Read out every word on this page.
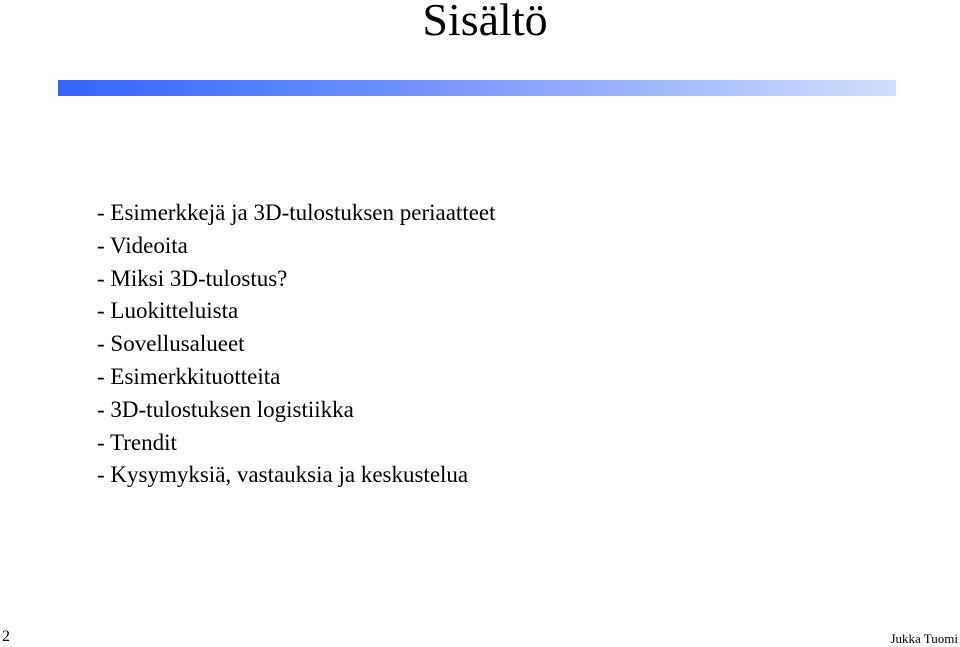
Sisältö
- Esimerkkejä ja 3D-tulostuksen periaatteet
- Videoita
- Miksi 3D-tulostus?
- Luokitteluista
- Sovellusalueet
- Esimerkkituotteita
- 3D-tulostuksen logistiikka
- Trendit
- Kysymyksiä, vastauksia ja keskustelua
2	Jukka Tuomi
